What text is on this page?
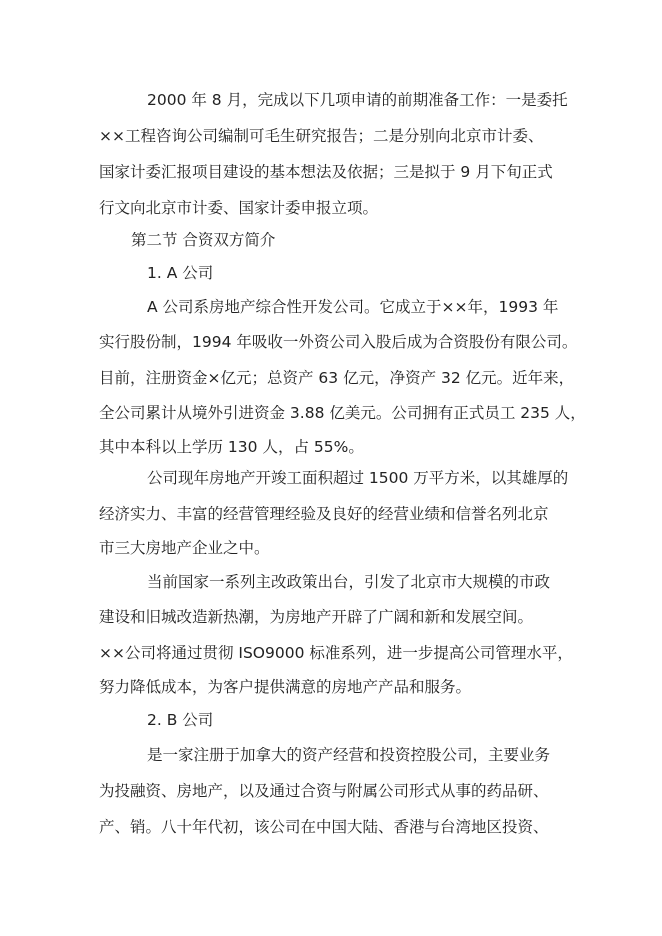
2000 年 8 月，完成以下几项申请的前期准备工作：一是委托
××工程咨询公司编制可毛生研究报告；二是分别向北京市计委、
国家计委汇报项目建设的基本想法及依据；三是拟于 9 月下旬正式
行文向北京市计委、国家计委申报立项。
第二节 合资双方简介
1. A 公司
A 公司系房地产综合性开发公司。它成立于××年，1993 年
实行股份制，1994 年吸收一外资公司入股后成为合资股份有限公司。
目前，注册资金×亿元；总资产 63 亿元，净资产 32 亿元。近年来，
全公司累计从境外引进资金 3.88 亿美元。公司拥有正式员工 235 人，
其中本科以上学历 130 人，占 55%。
公司现年房地产开竣工面积超过 1500 万平方米，以其雄厚的
经济实力、丰富的经营管理经验及良好的经营业绩和信誉名列北京
市三大房地产企业之中。
当前国家一系列主改政策出台，引发了北京市大规模的市政
建设和旧城改造新热潮，为房地产开辟了广阔和新和发展空间。
××公司将通过贯彻 ISO9000 标准系列，进一步提高公司管理水平，
努力降低成本，为客户提供满意的房地产产品和服务。
2. B 公司
是一家注册于加拿大的资产经营和投资控股公司，主要业务
为投融资、房地产，以及通过合资与附属公司形式从事的药品研、
产、销。八十年代初，该公司在中国大陆、香港与台湾地区投资、
